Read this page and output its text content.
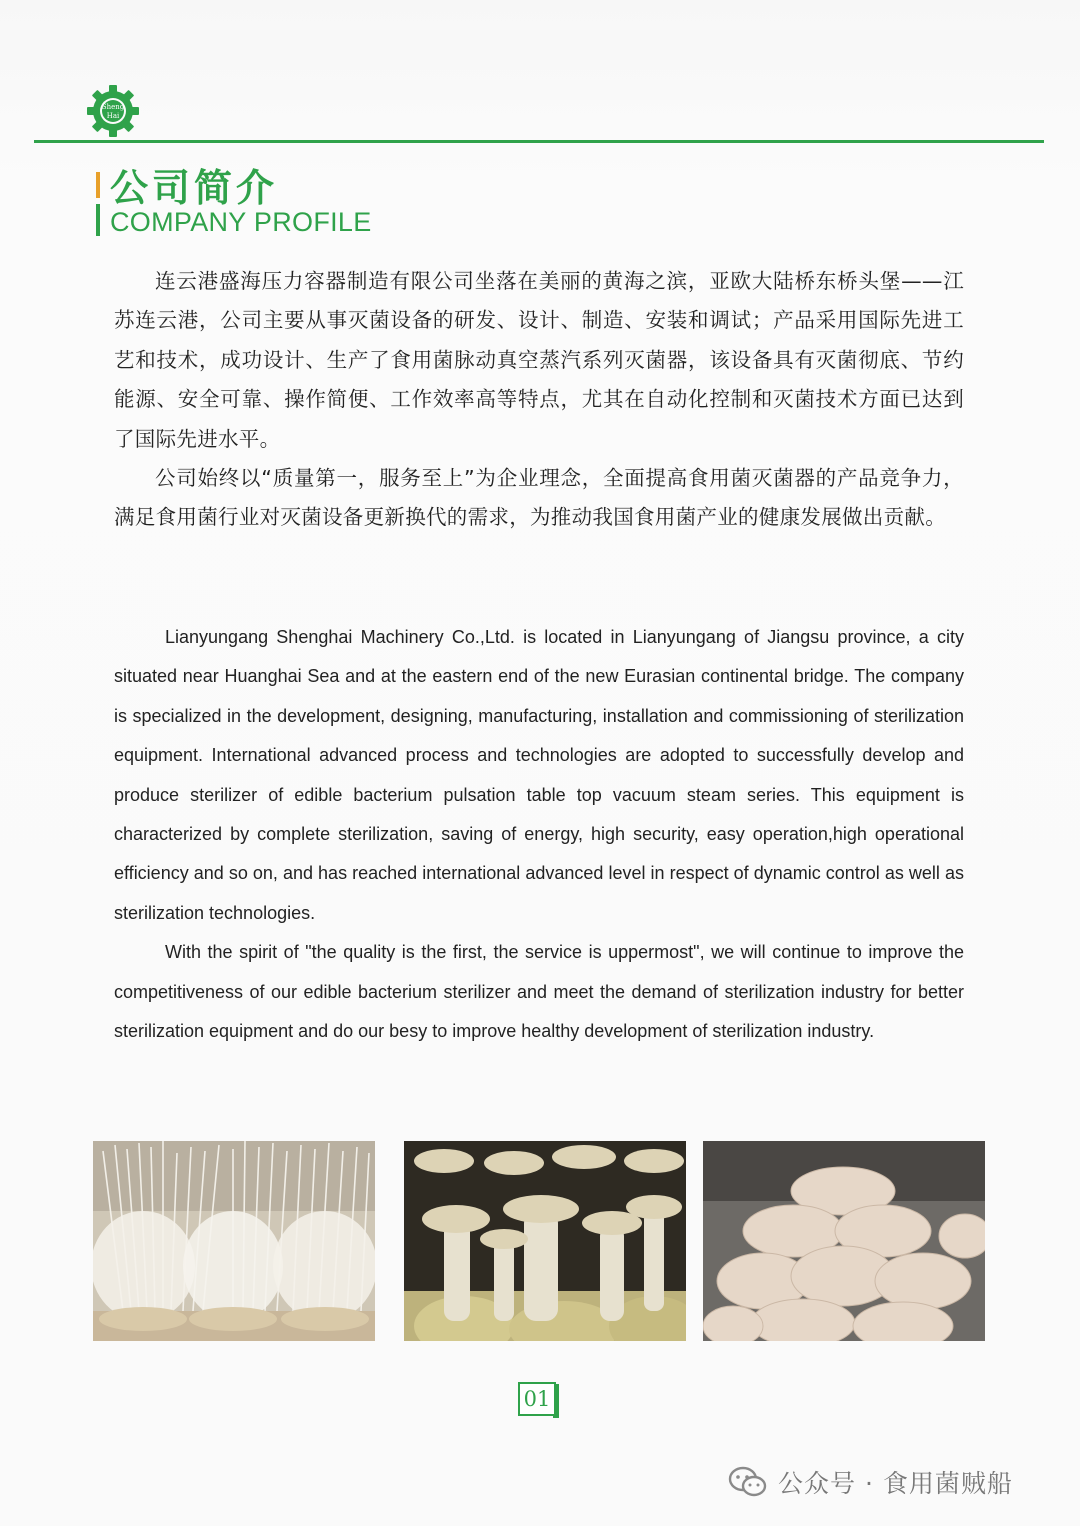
Sheng
Hai
公司简介
COMPANY PROFILE

连云港盛海压力容器制造有限公司坐落在美丽的黄海之滨，亚欧大陆桥东桥头堡——江苏连云港，公司主要从事灭菌设备的研发、设计、制造、安装和调试；产品采用国际先进工艺和技术，成功设计、生产了食用菌脉动真空蒸汽系列灭菌器，该设备具有灭菌彻底、节约能源、安全可靠、操作简便、工作效率高等特点，尤其在自动化控制和灭菌技术方面已达到了国际先进水平。

公司始终以“质量第一，服务至上”为企业理念，全面提高食用菌灭菌器的产品竞争力，满足食用菌行业对灭菌设备更新换代的需求，为推动我国食用菌产业的健康发展做出贡献。

Lianyungang Shenghai Machinery Co.,Ltd. is located in Lianyungang of Jiangsu province, a city situated near Huanghai Sea and at the eastern end of the new Eurasian continental bridge. The company is specialized in the development, designing, manufacturing, installation and commissioning of sterilization equipment. International advanced process and technologies are adopted to successfully develop and produce sterilizer of edible bacterium pulsation table top vacuum steam series. This equipment is characterized by complete sterilization, saving of energy, high security, easy operation,high operational efficiency and so on, and has reached international advanced level in respect of dynamic control as well as sterilization technologies.

With the spirit of "the quality is the first, the service is uppermost", we will continue to improve the competitiveness of our edible bacterium sterilizer and meet the demand of sterilization industry for better sterilization equipment and do our besy to improve healthy development of sterilization industry.

01
公众号 · 食用菌贼船
